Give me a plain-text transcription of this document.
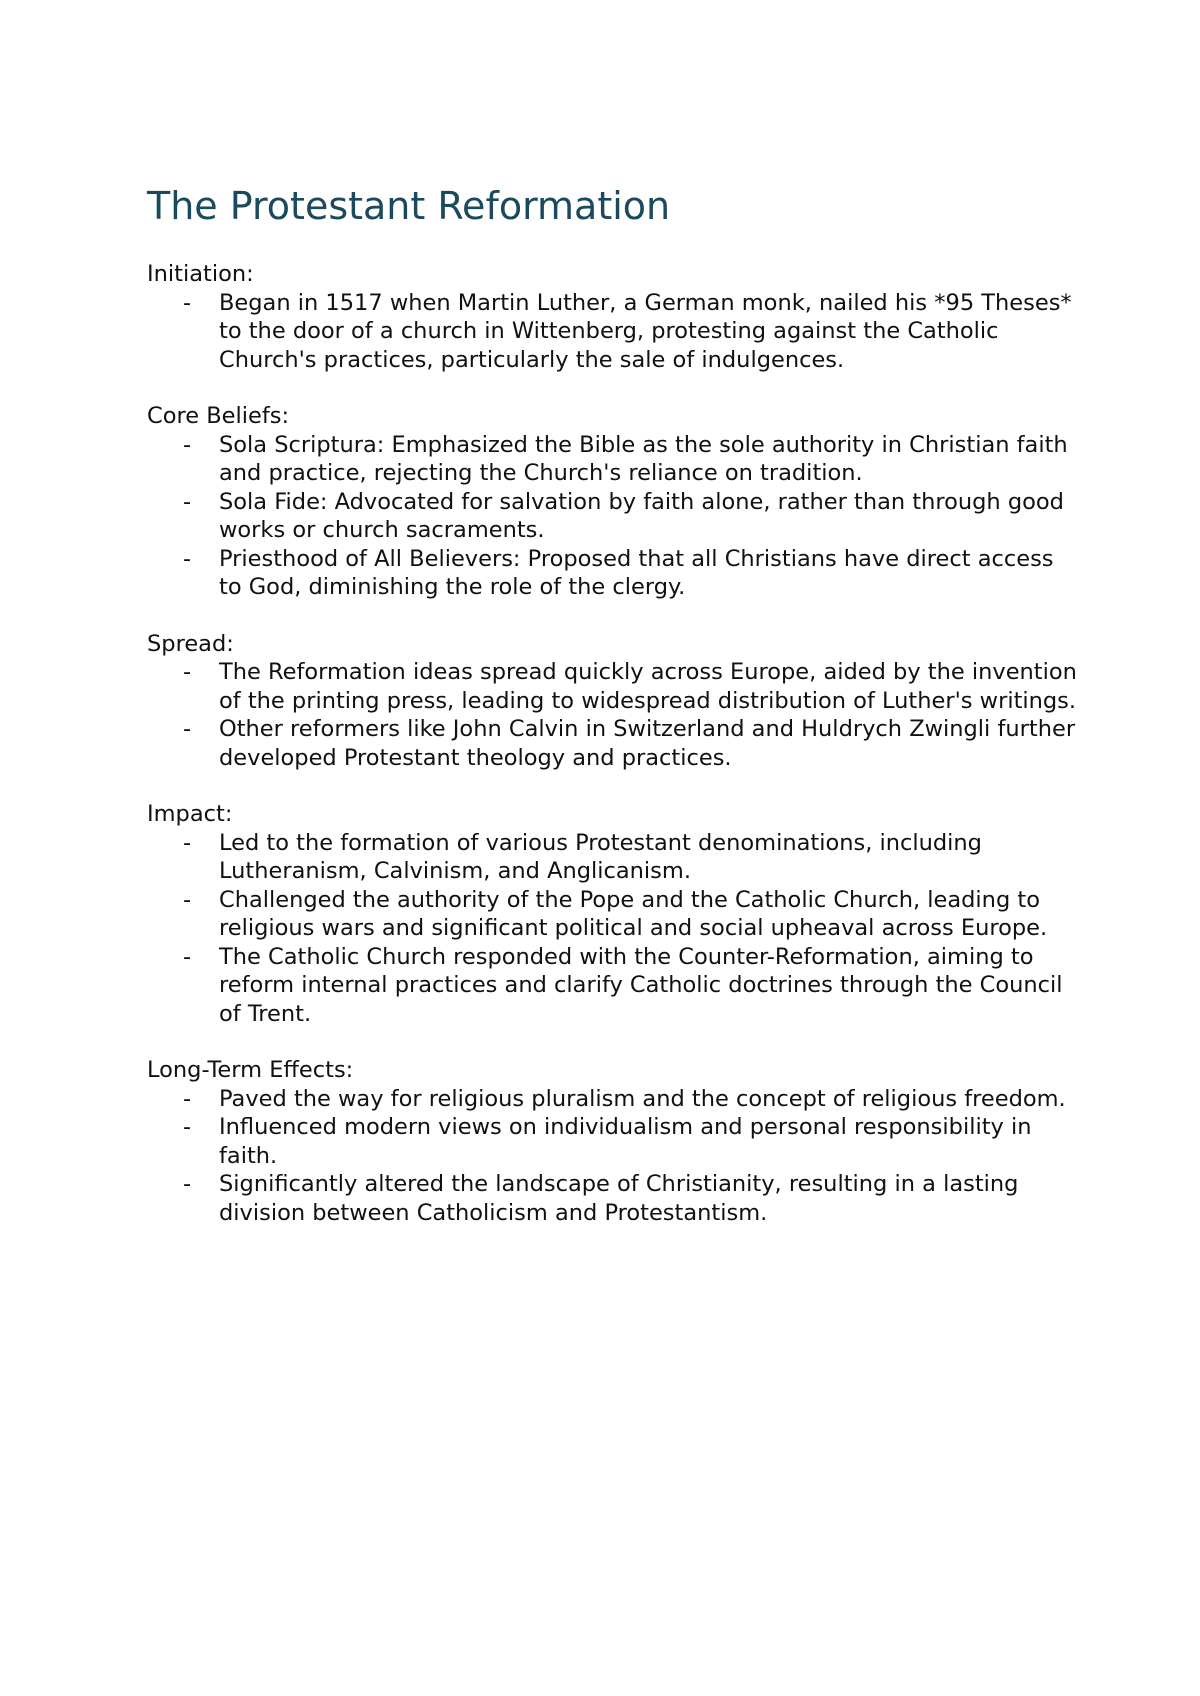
The Protestant Reformation

Initiation:

- Began in 1517 when Martin Luther, a German monk, nailed his *95 Theses* to the door of a church in Wittenberg, protesting against the Catholic Church's practices, particularly the sale of indulgences.

Core Beliefs:

- Sola Scriptura: Emphasized the Bible as the sole authority in Christian faith and practice, rejecting the Church's reliance on tradition.
- Sola Fide: Advocated for salvation by faith alone, rather than through good works or church sacraments.
- Priesthood of All Believers: Proposed that all Christians have direct access to God, diminishing the role of the clergy.

Spread:

- The Reformation ideas spread quickly across Europe, aided by the invention of the printing press, leading to widespread distribution of Luther's writings.
- Other reformers like John Calvin in Switzerland and Huldrych Zwingli further developed Protestant theology and practices.

Impact:

- Led to the formation of various Protestant denominations, including Lutheranism, Calvinism, and Anglicanism.
- Challenged the authority of the Pope and the Catholic Church, leading to religious wars and significant political and social upheaval across Europe.
- The Catholic Church responded with the Counter-Reformation, aiming to reform internal practices and clarify Catholic doctrines through the Council of Trent.

Long-Term Effects:

- Paved the way for religious pluralism and the concept of religious freedom.
- Influenced modern views on individualism and personal responsibility in faith.
- Significantly altered the landscape of Christianity, resulting in a lasting division between Catholicism and Protestantism.
